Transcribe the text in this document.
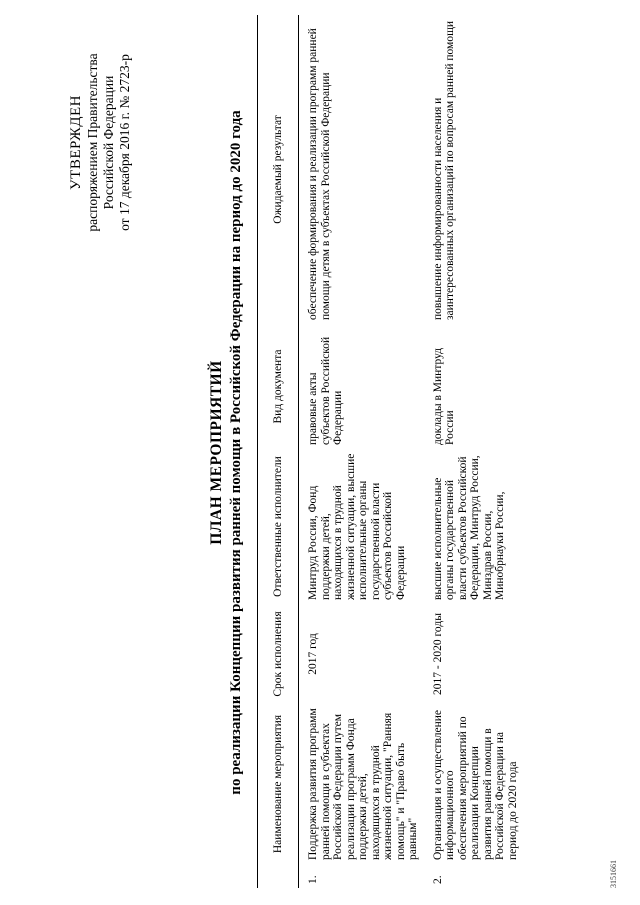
УТВЕРЖДЕН распоряжением Правительства Российской Федерации от 17 декабря 2016 г. № 2723-р
ПЛАН МЕРОПРИЯТИЙ по реализации Концепции развития ранней помощи в Российской Федерации на период до 2020 года
	Наименование мероприятия	Срок исполнения	Ответственные исполнители	Вид документа	Ожидаемый результат
1.	Поддержка развития программ ранней помощи в субъектах Российской Федерации путем реализации программ Фонда поддержки детей, находящихся в трудной жизненной ситуации, "Ранняя помощь" и "Право быть равным"	2017 год	Минтруд России, Фонд поддержки детей, находящихся в трудной жизненной ситуации, высшие исполнительные органы государственной власти субъектов Российской Федерации	правовые акты субъектов Российской Федерации	обеспечение формирования и реализации программ ранней помощи детям в субъектах Российской Федерации
2.	Организация и осуществление информационного обеспечения мероприятий по реализации Концепции развития ранней помощи в Российской Федерации на период до 2020 года	2017 - 2020 годы	высшие исполнительные органы государственной власти субъектов Российской Федерации, Минтруд России, Минздрав России, Минобрнауки России,	доклады в Минтруд России	повышение информированности населения и заинтересованных организаций по вопросам ранней помощи
3151661
